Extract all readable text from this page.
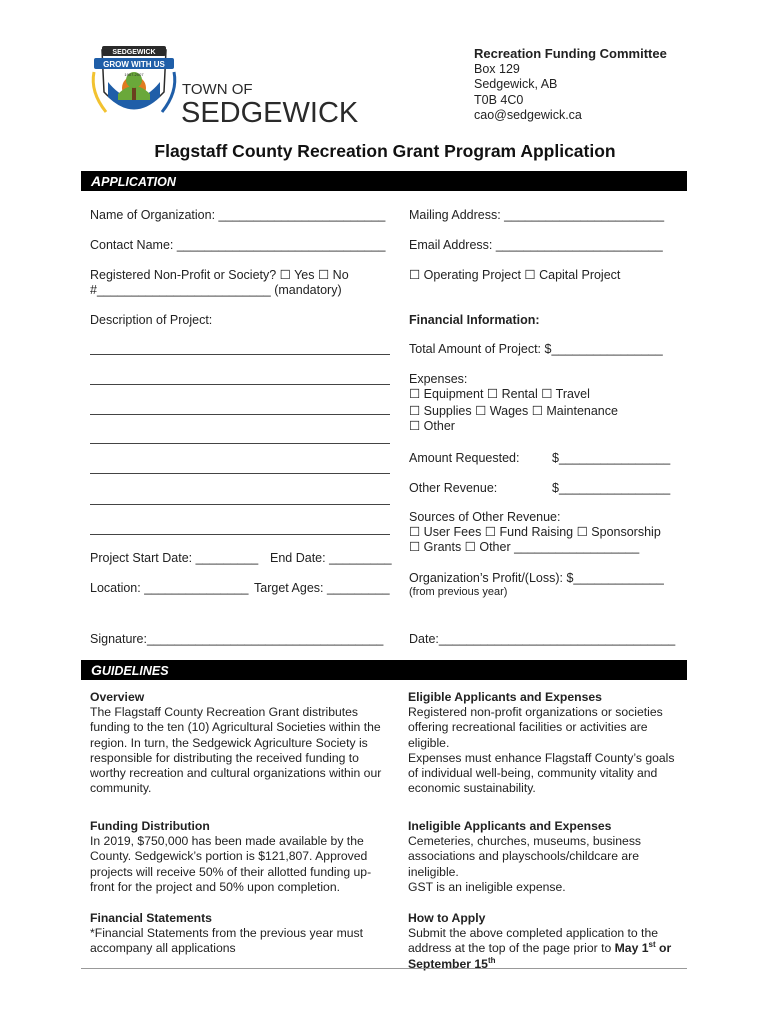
SEDGEWICK
GROW WITH US
1907-2007
TOWN OF
SEDGEWICK
Recreation Funding Committee
Box 129
Sedgewick, AB
T0B 4C0
cao@sedgewick.ca
Flagstaff County Recreation Grant Program Application
APPLICATION
Name of Organization: ________________________ Mailing Address: _______________________
Contact Name: ______________________________ Email Address: ________________________
Registered Non-Profit or Society? ☐ Yes ☐ No
#_________________________ (mandatory)
☐ Operating Project ☐ Capital Project
Description of Project:	Financial Information:
Total Amount of Project: $________________
Expenses:
☐ Equipment ☐ Rental ☐ Travel
☐ Supplies ☐ Wages ☐ Maintenance
☐ Other
Amount Requested:	$________________
Other Revenue:	$________________
Sources of Other Revenue:
☐ User Fees ☐ Fund Raising ☐ Sponsorship
☐ Grants ☐ Other __________________
Project Start Date: _________ End Date: _________
Location: _______________ Target Ages: _________
Organization’s Profit/(Loss): $_____________
(from previous year)
Signature:__________________________________ Date:__________________________________
GUIDELINES
Overview
The Flagstaff County Recreation Grant distributes funding to the ten (10) Agricultural Societies within the region. In turn, the Sedgewick Agriculture Society is responsible for distributing the received funding to worthy recreation and cultural organizations within our community.
Funding Distribution
In 2019, $750,000 has been made available by the County. Sedgewick’s portion is $121,807. Approved projects will receive 50% of their allotted funding up-front for the project and 50% upon completion.
Financial Statements
*Financial Statements from the previous year must accompany all applications
Eligible Applicants and Expenses
Registered non-profit organizations or societies offering recreational facilities or activities are eligible.
Expenses must enhance Flagstaff County’s goals of individual well-being, community vitality and economic sustainability.
Ineligible Applicants and Expenses
Cemeteries, churches, museums, business associations and playschools/childcare are ineligible.
GST is an ineligible expense.
How to Apply
Submit the above completed application to the address at the top of the page prior to May 1st or
September 15th
